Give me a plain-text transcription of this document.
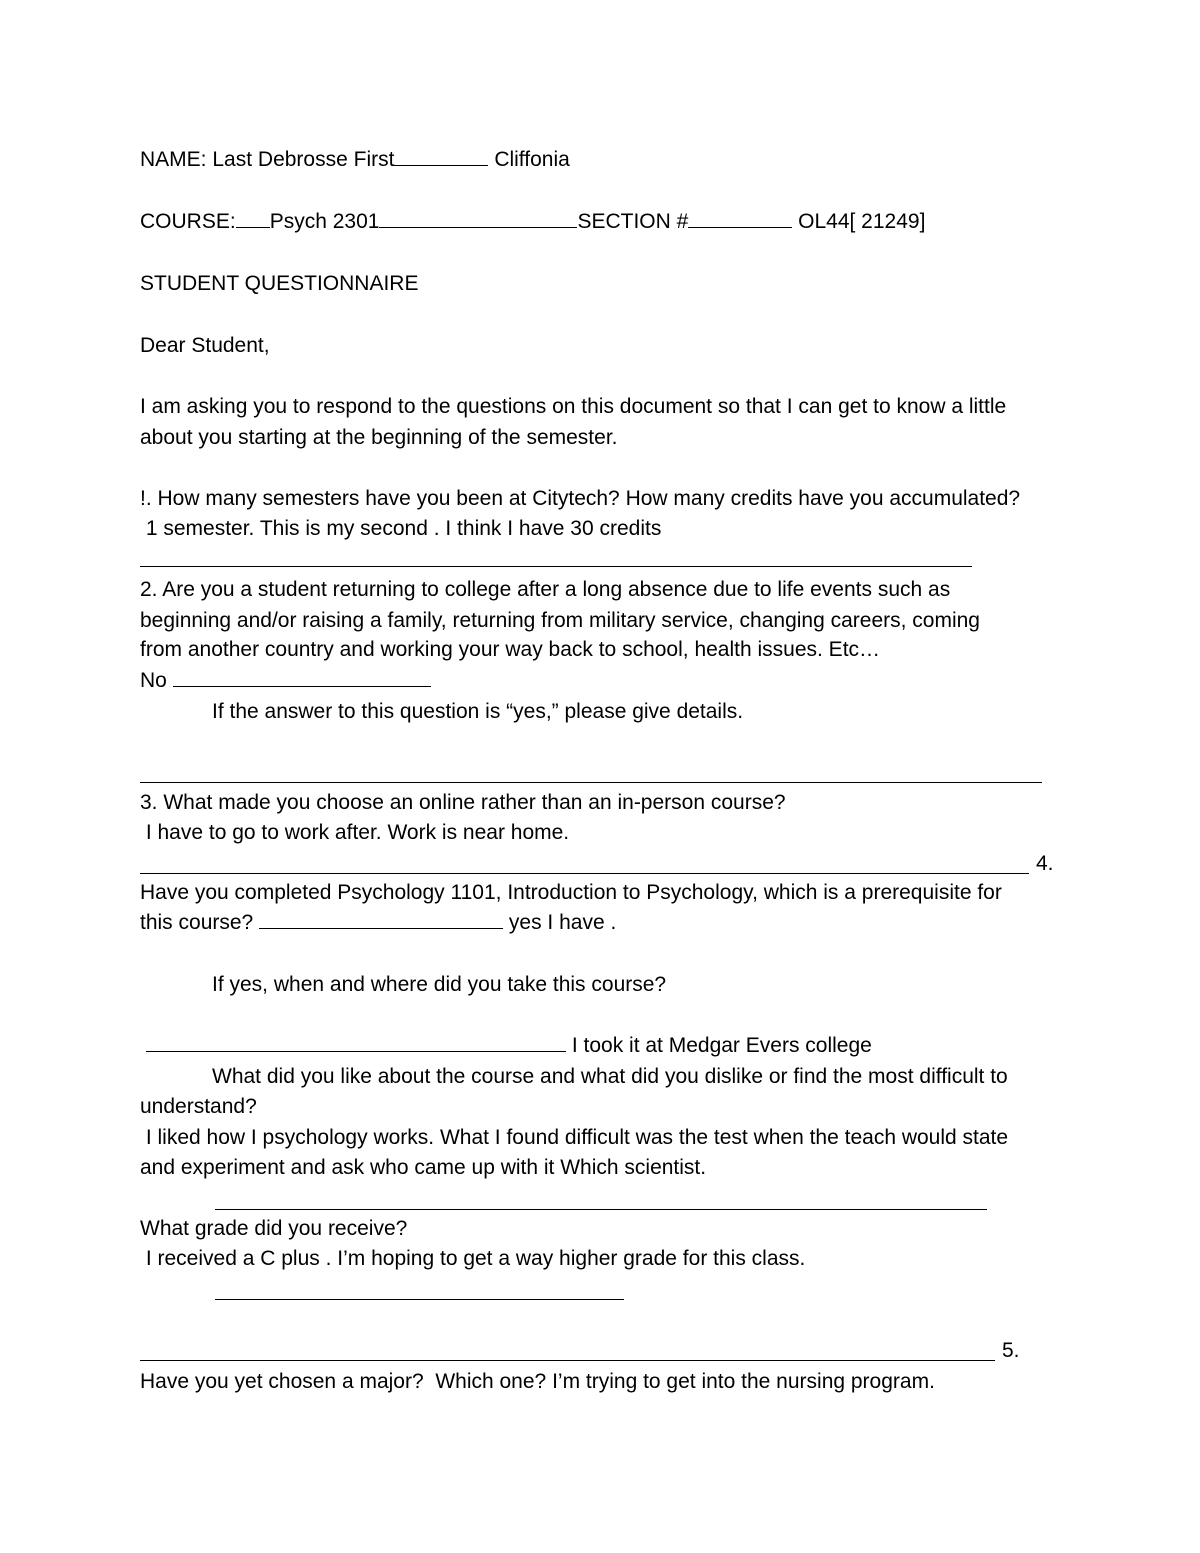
NAME: Last Debrosse First	Cliffonia
COURSE: Psych 2301	SECTION #	OL44[ 21249]
STUDENT QUESTIONNAIRE
Dear Student,
I am asking you to respond to the questions on this document so that I can get to know a little
about you starting at the beginning of the semester.
!. How many semesters have you been at Citytech? How many credits have you accumulated?
1 semester. This is my second . I think I have 30 credits
2. Are you a student returning to college after a long absence due to life events such as
beginning and/or raising a family, returning from military service, changing careers, coming
from another country and working your way back to school, health issues. Etc…
No
If the answer to this question is “yes,” please give details.
3. What made you choose an online rather than an in-person course?
I have to go to work after. Work is near home.
4.
Have you completed Psychology 1101, Introduction to Psychology, which is a prerequisite for
this course?	yes I have .
If yes, when and where did you take this course?
I took it at Medgar Evers college
What did you like about the course and what did you dislike or find the most difficult to
understand?
I liked how I psychology works. What I found difficult was the test when the teach would state
and experiment and ask who came up with it Which scientist.
What grade did you receive?
I received a C plus . I’m hoping to get a way higher grade for this class.
5.
Have you yet chosen a major?  Which one? I’m trying to get into the nursing program.
